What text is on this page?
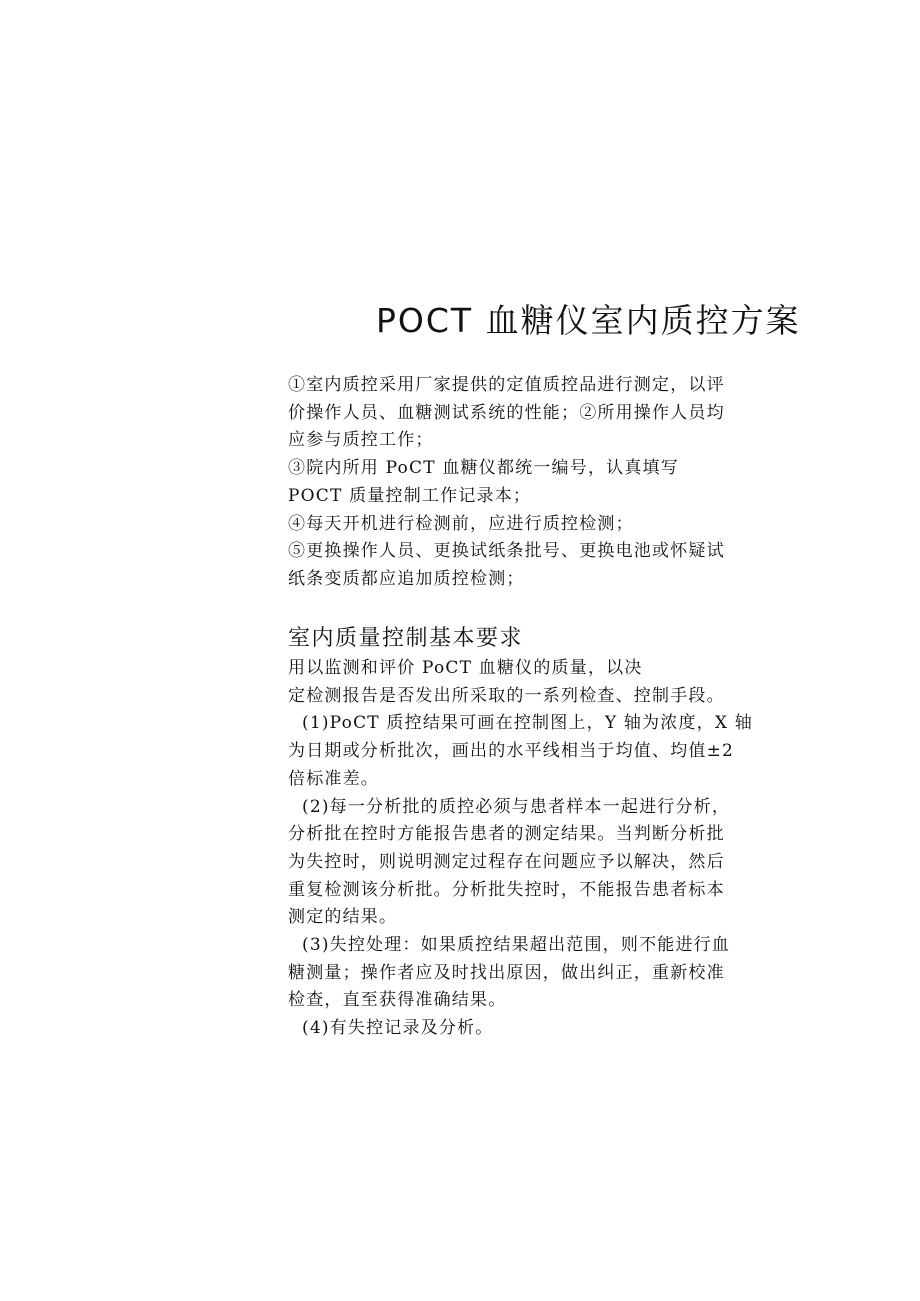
POCT 血糖仪室内质控方案
①室内质控采用厂家提供的定值质控品进行测定，以评
价操作人员、血糖测试系统的性能；②所用操作人员均
应参与质控工作；
③院内所用 PoCT 血糖仪都统一编号，认真填写
POCT 质量控制工作记录本；
④每天开机进行检测前，应进行质控检测；
⑤更换操作人员、更换试纸条批号、更换电池或怀疑试
纸条变质都应追加质控检测；
室内质量控制基本要求
用以监测和评价 PoCT 血糖仪的质量，以决
定检测报告是否发出所采取的一系列检查、控制手段。
(1)PoCT 质控结果可画在控制图上，Y 轴为浓度，X 轴
为日期或分析批次，画出的水平线相当于均值、均值±2
倍标准差。
(2)每一分析批的质控必须与患者样本一起进行分析，
分析批在控时方能报告患者的测定结果。当判断分析批
为失控时，则说明测定过程存在问题应予以解决，然后
重复检测该分析批。分析批失控时，不能报告患者标本
测定的结果。
(3)失控处理：如果质控结果超出范围，则不能进行血
糖测量；操作者应及时找出原因，做出纠正，重新校准
检查，直至获得准确结果。
(4)有失控记录及分析。
